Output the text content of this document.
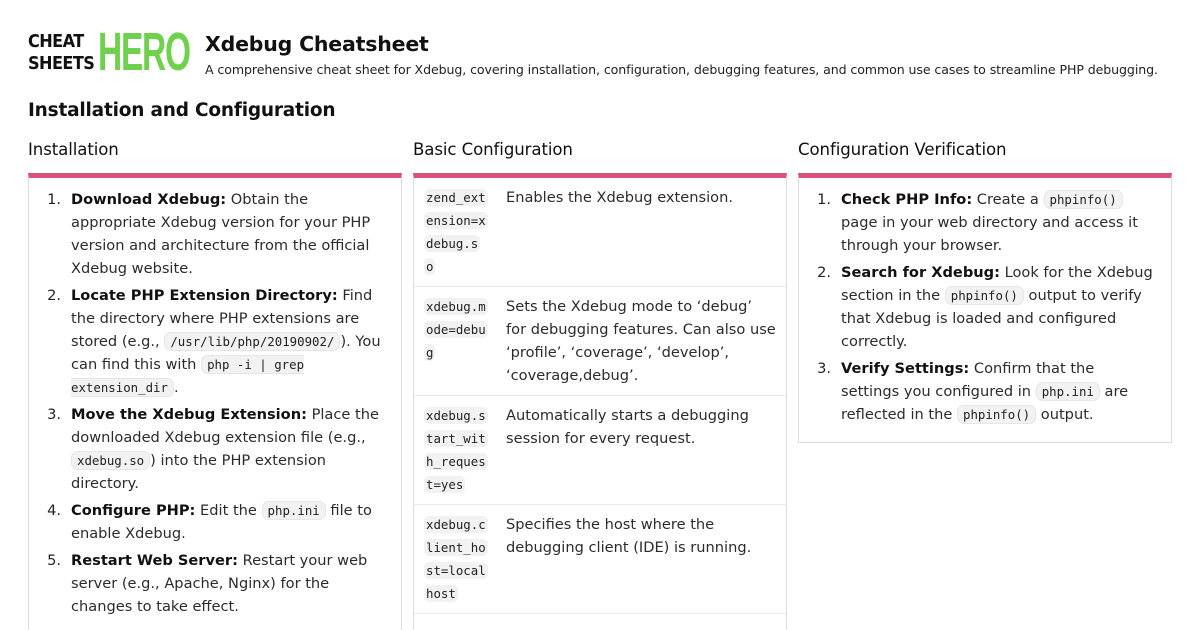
CHEAT
SHEETS HERO Xdebug Cheatsheet

A comprehensive cheat sheet for Xdebug, covering installation, configuration, debugging features, and common use cases to streamline PHP debugging.

Installation and Configuration
Installation
1. Download Xdebug: Obtain the appropriate Xdebug version for your PHP version and architecture from the official Xdebug website.
2. Locate PHP Extension Directory: Find the directory where PHP extensions are stored (e.g., /usr/lib/php/20190902/ ). You can find this with php -i | grep extension_dir .
3. Move the Xdebug Extension: Place the downloaded Xdebug extension file (e.g., xdebug.so ) into the PHP extension directory.
4. Configure PHP: Edit the php.ini file to enable Xdebug.
5. Restart Web Server: Restart your web server (e.g., Apache, Nginx) for the changes to take effect.
Basic Configuration
zend_extension=xdebug.so
Enables the Xdebug extension.
xdebug.mode=debug
Sets the Xdebug mode to ‘debug’ for debugging features. Can also use ‘profile’, ‘coverage’, ‘develop’, ‘coverage,debug’.
xdebug.start_with_request=yes
Automatically starts a debugging session for every request.
xdebug.client_host=localhost
Specifies the host where the debugging client (IDE) is running.
Configuration Verification
1. Check PHP Info: Create a phpinfo() page in your web directory and access it through your browser.
2. Search for Xdebug: Look for the Xdebug section in the phpinfo() output to verify that Xdebug is loaded and configured correctly.
3. Verify Settings: Confirm that the settings you configured in php.ini are reflected in the phpinfo() output.
